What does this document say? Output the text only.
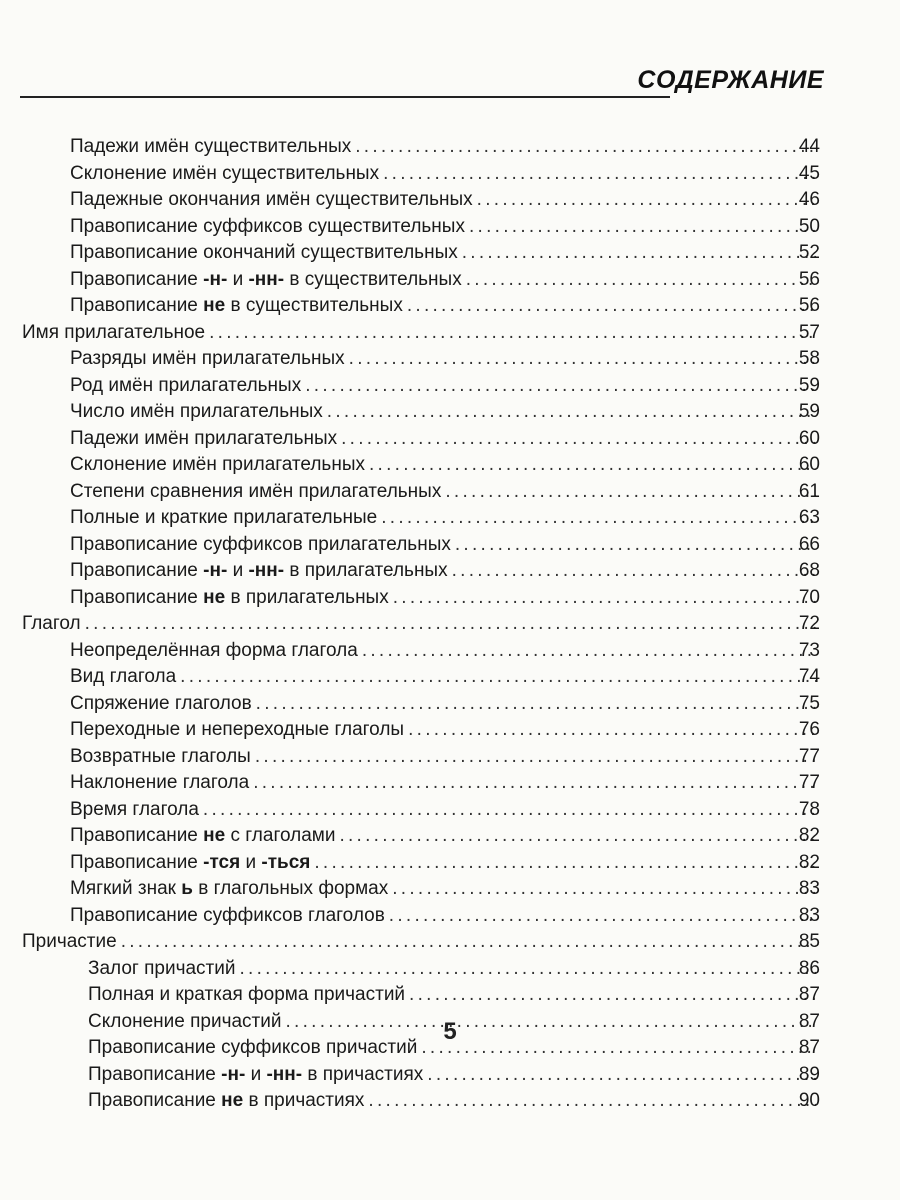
СОДЕРЖАНИЕ
Падежи имён существительных . . .	44
Склонение имён существительных . . .	45
Падежные окончания имён существительных . . .	46
Правописание суффиксов существительных . . .	50
Правописание окончаний существительных . . .	52
Правописание -н- и -нн- в существительных . . .	56
Правописание не в существительных . . .	56
Имя прилагательное . . .	57
Разряды имён прилагательных . . .	58
Род имён прилагательных . . .	59
Число имён прилагательных . . .	59
Падежи имён прилагательных . . .	60
Склонение имён прилагательных . . .	60
Степени сравнения имён прилагательных . . .	61
Полные и краткие прилагательные . . .	63
Правописание суффиксов прилагательных . . .	66
Правописание -н- и -нн- в прилагательных . . .	68
Правописание не в прилагательных . . .	70
Глагол . . .	72
Неопределённая форма глагола . . .	73
Вид глагола . . .	74
Спряжение глаголов . . .	75
Переходные и непереходные глаголы . . .	76
Возвратные глаголы . . .	77
Наклонение глагола . . .	77
Время глагола . . .	78
Правописание не с глаголами . . .	82
Правописание -тся и -ться . . .	82
Мягкий знак ь в глагольных формах . . .	83
Правописание суффиксов глаголов . . .	83
Причастие . . .	85
Залог причастий . . .	86
Полная и краткая форма причастий . . .	87
Склонение причастий . . .	87
Правописание суффиксов причастий . . .	87
Правописание -н- и -нн- в причастиях . . .	89
Правописание не в причастиях . . .	90
5
